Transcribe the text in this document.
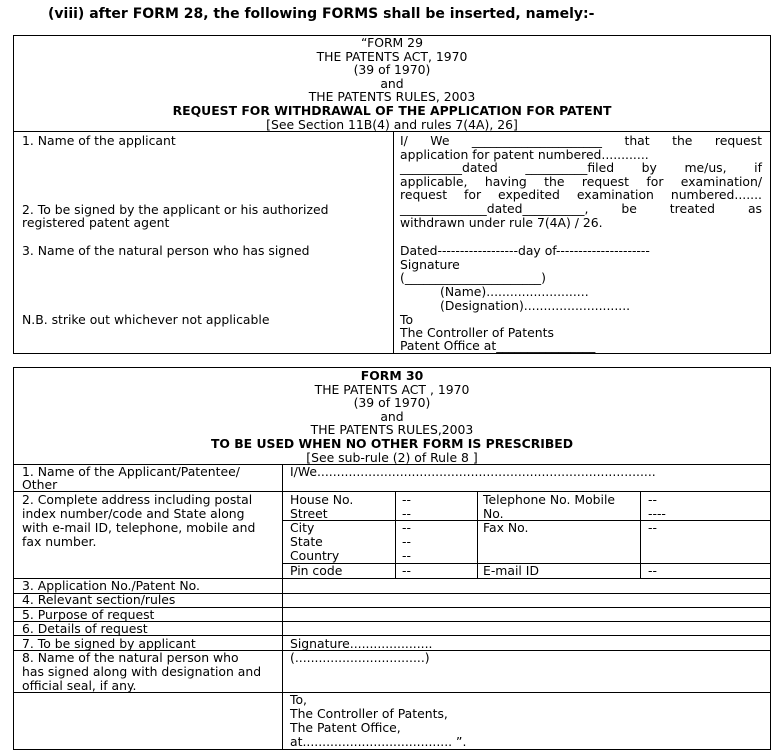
(viii) after FORM 28, the following FORMS shall be inserted, namely:-
“FORM 29
THE PATENTS ACT, 1970
(39 of 1970)
and
THE PATENTS RULES, 2003
REQUEST FOR WITHDRAWAL OF THE APPLICATION FOR PATENT
[See Section 11B(4) and rules 7(4A), 26]
1. Name of the applicant
2. To be signed by the applicant or his authorized
registered patent agent
3. Name of the natural person who has signed
N.B. strike out whichever not applicable
I/ We _____________________ that the request
application for patent numbered............
__________dated __________filed by me/us, if
applicable, having the request for examination/
request for expedited examination numbered.......
______________dated__________, be treated as
withdrawn under rule 7(4A) / 26.
Dated------------------day of---------------------
Signature
(______________________)
(Name)..........................
(Designation)...........................
To
The Controller of Patents
Patent Office at________________
FORM 30
THE PATENTS ACT , 1970
(39 of 1970)
and
THE PATENTS RULES,2003
TO BE USED WHEN NO OTHER FORM IS PRESCRIBED
[See sub-rule (2) of Rule 8 ]
1. Name of the Applicant/Patentee/
Other
I/We......................................................................................
2. Complete address including postal
index number/code and State along
with e-mail ID, telephone, mobile and
fax number.
House No.
Street
City
State
Country
Pin code
--
--
--
--
--
--
Telephone No. Mobile
No.
Fax No.
E-mail ID
--
----
--
--
3. Application No./Patent No.
4. Relevant section/rules
5. Purpose of request
6. Details of request
7. To be signed by applicant	Signature.....................
8. Name of the natural person who
has signed along with designation and
official seal, if any.
(.................................)
To,
The Controller of Patents,
The Patent Office,
at...................................... ”.
